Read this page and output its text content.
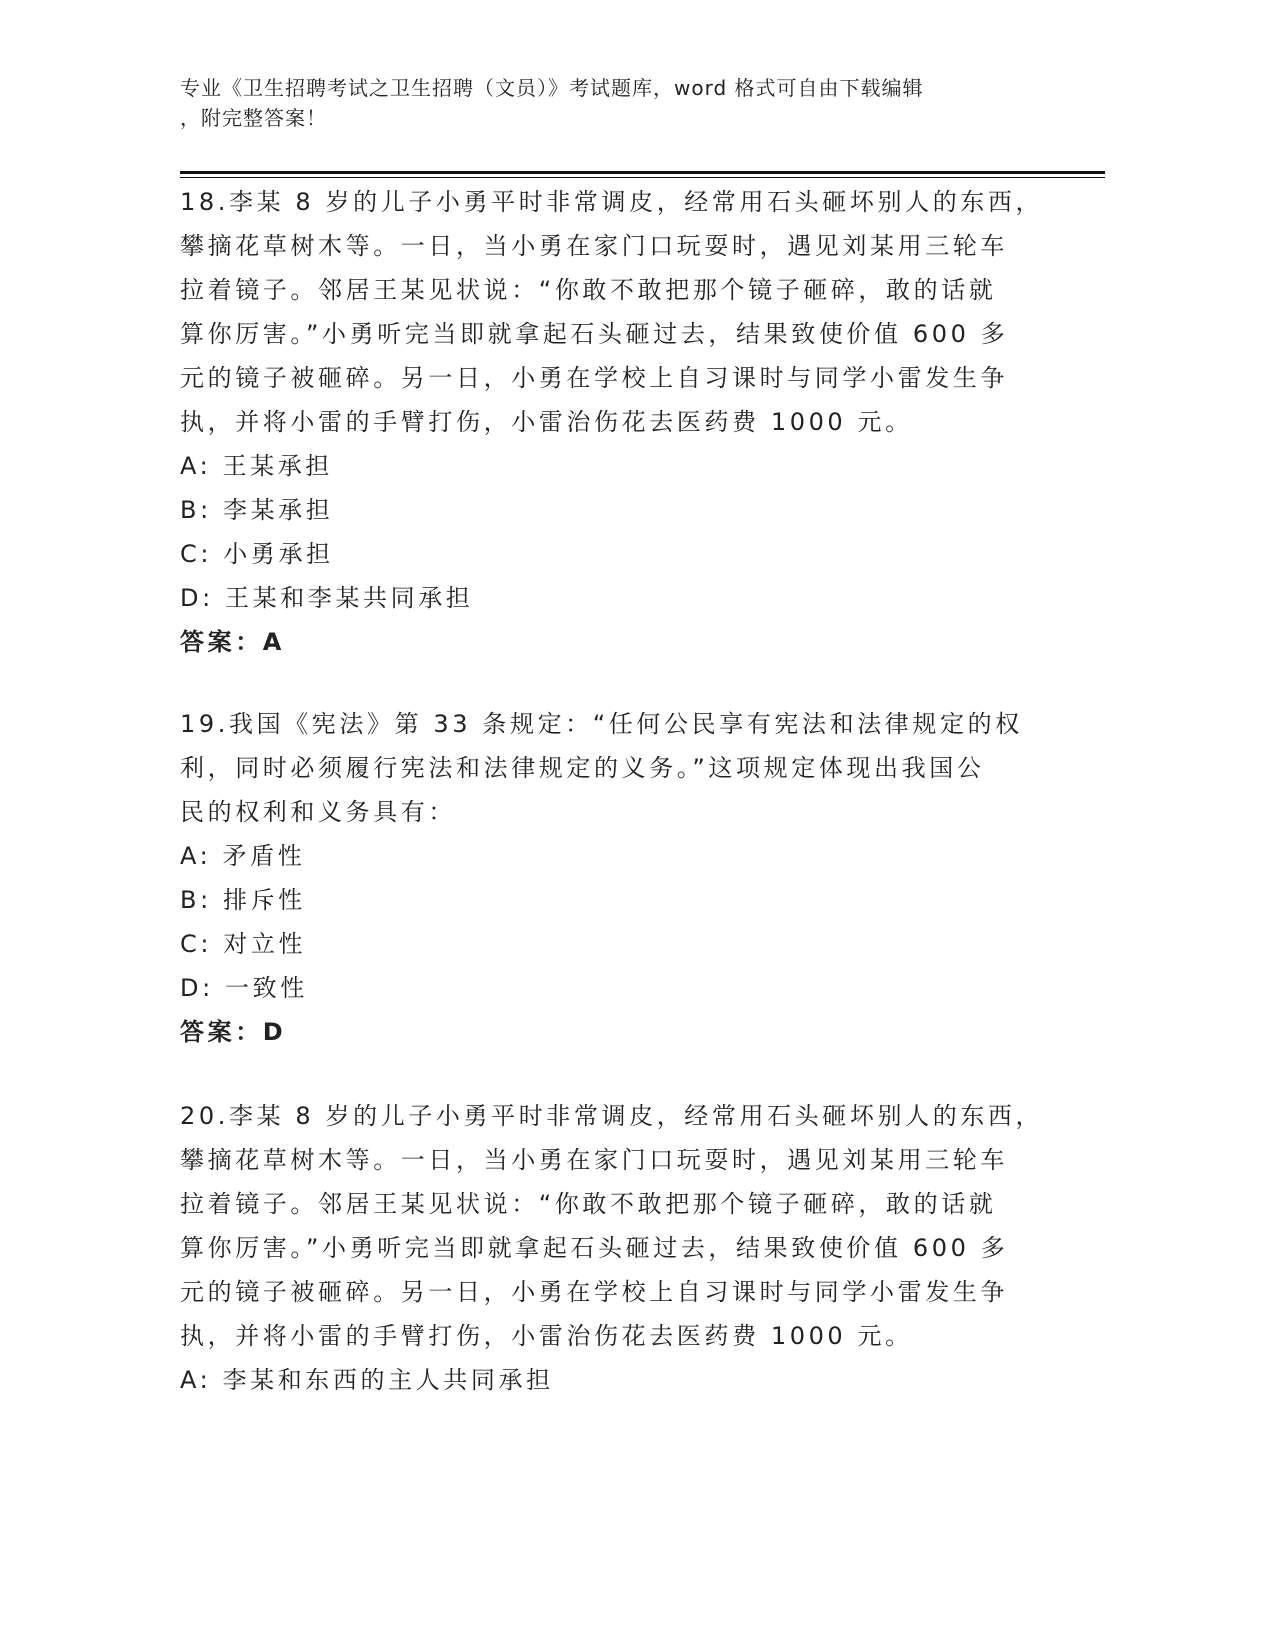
专业《卫生招聘考试之卫生招聘（文员）》考试题库，word 格式可自由下载编辑
，附完整答案！
18.李某 8 岁的儿子小勇平时非常调皮，经常用石头砸坏别人的东西，
攀摘花草树木等。一日，当小勇在家门口玩耍时，遇见刘某用三轮车
拉着镜子。邻居王某见状说：“你敢不敢把那个镜子砸碎，敢的话就
算你厉害。”小勇听完当即就拿起石头砸过去，结果致使价值 600 多
元的镜子被砸碎。另一日，小勇在学校上自习课时与同学小雷发生争
执，并将小雷的手臂打伤，小雷治伤花去医药费 1000 元。
A: 王某承担
B: 李某承担
C: 小勇承担
D: 王某和李某共同承担
答案：A
19.我国《宪法》第 33 条规定：“任何公民享有宪法和法律规定的权
利，同时必须履行宪法和法律规定的义务。”这项规定体现出我国公
民的权利和义务具有：
A: 矛盾性
B: 排斥性
C: 对立性
D: 一致性
答案：D
20.李某 8 岁的儿子小勇平时非常调皮，经常用石头砸坏别人的东西，
攀摘花草树木等。一日，当小勇在家门口玩耍时，遇见刘某用三轮车
拉着镜子。邻居王某见状说：“你敢不敢把那个镜子砸碎，敢的话就
算你厉害。”小勇听完当即就拿起石头砸过去，结果致使价值 600 多
元的镜子被砸碎。另一日，小勇在学校上自习课时与同学小雷发生争
执，并将小雷的手臂打伤，小雷治伤花去医药费 1000 元。
A: 李某和东西的主人共同承担
